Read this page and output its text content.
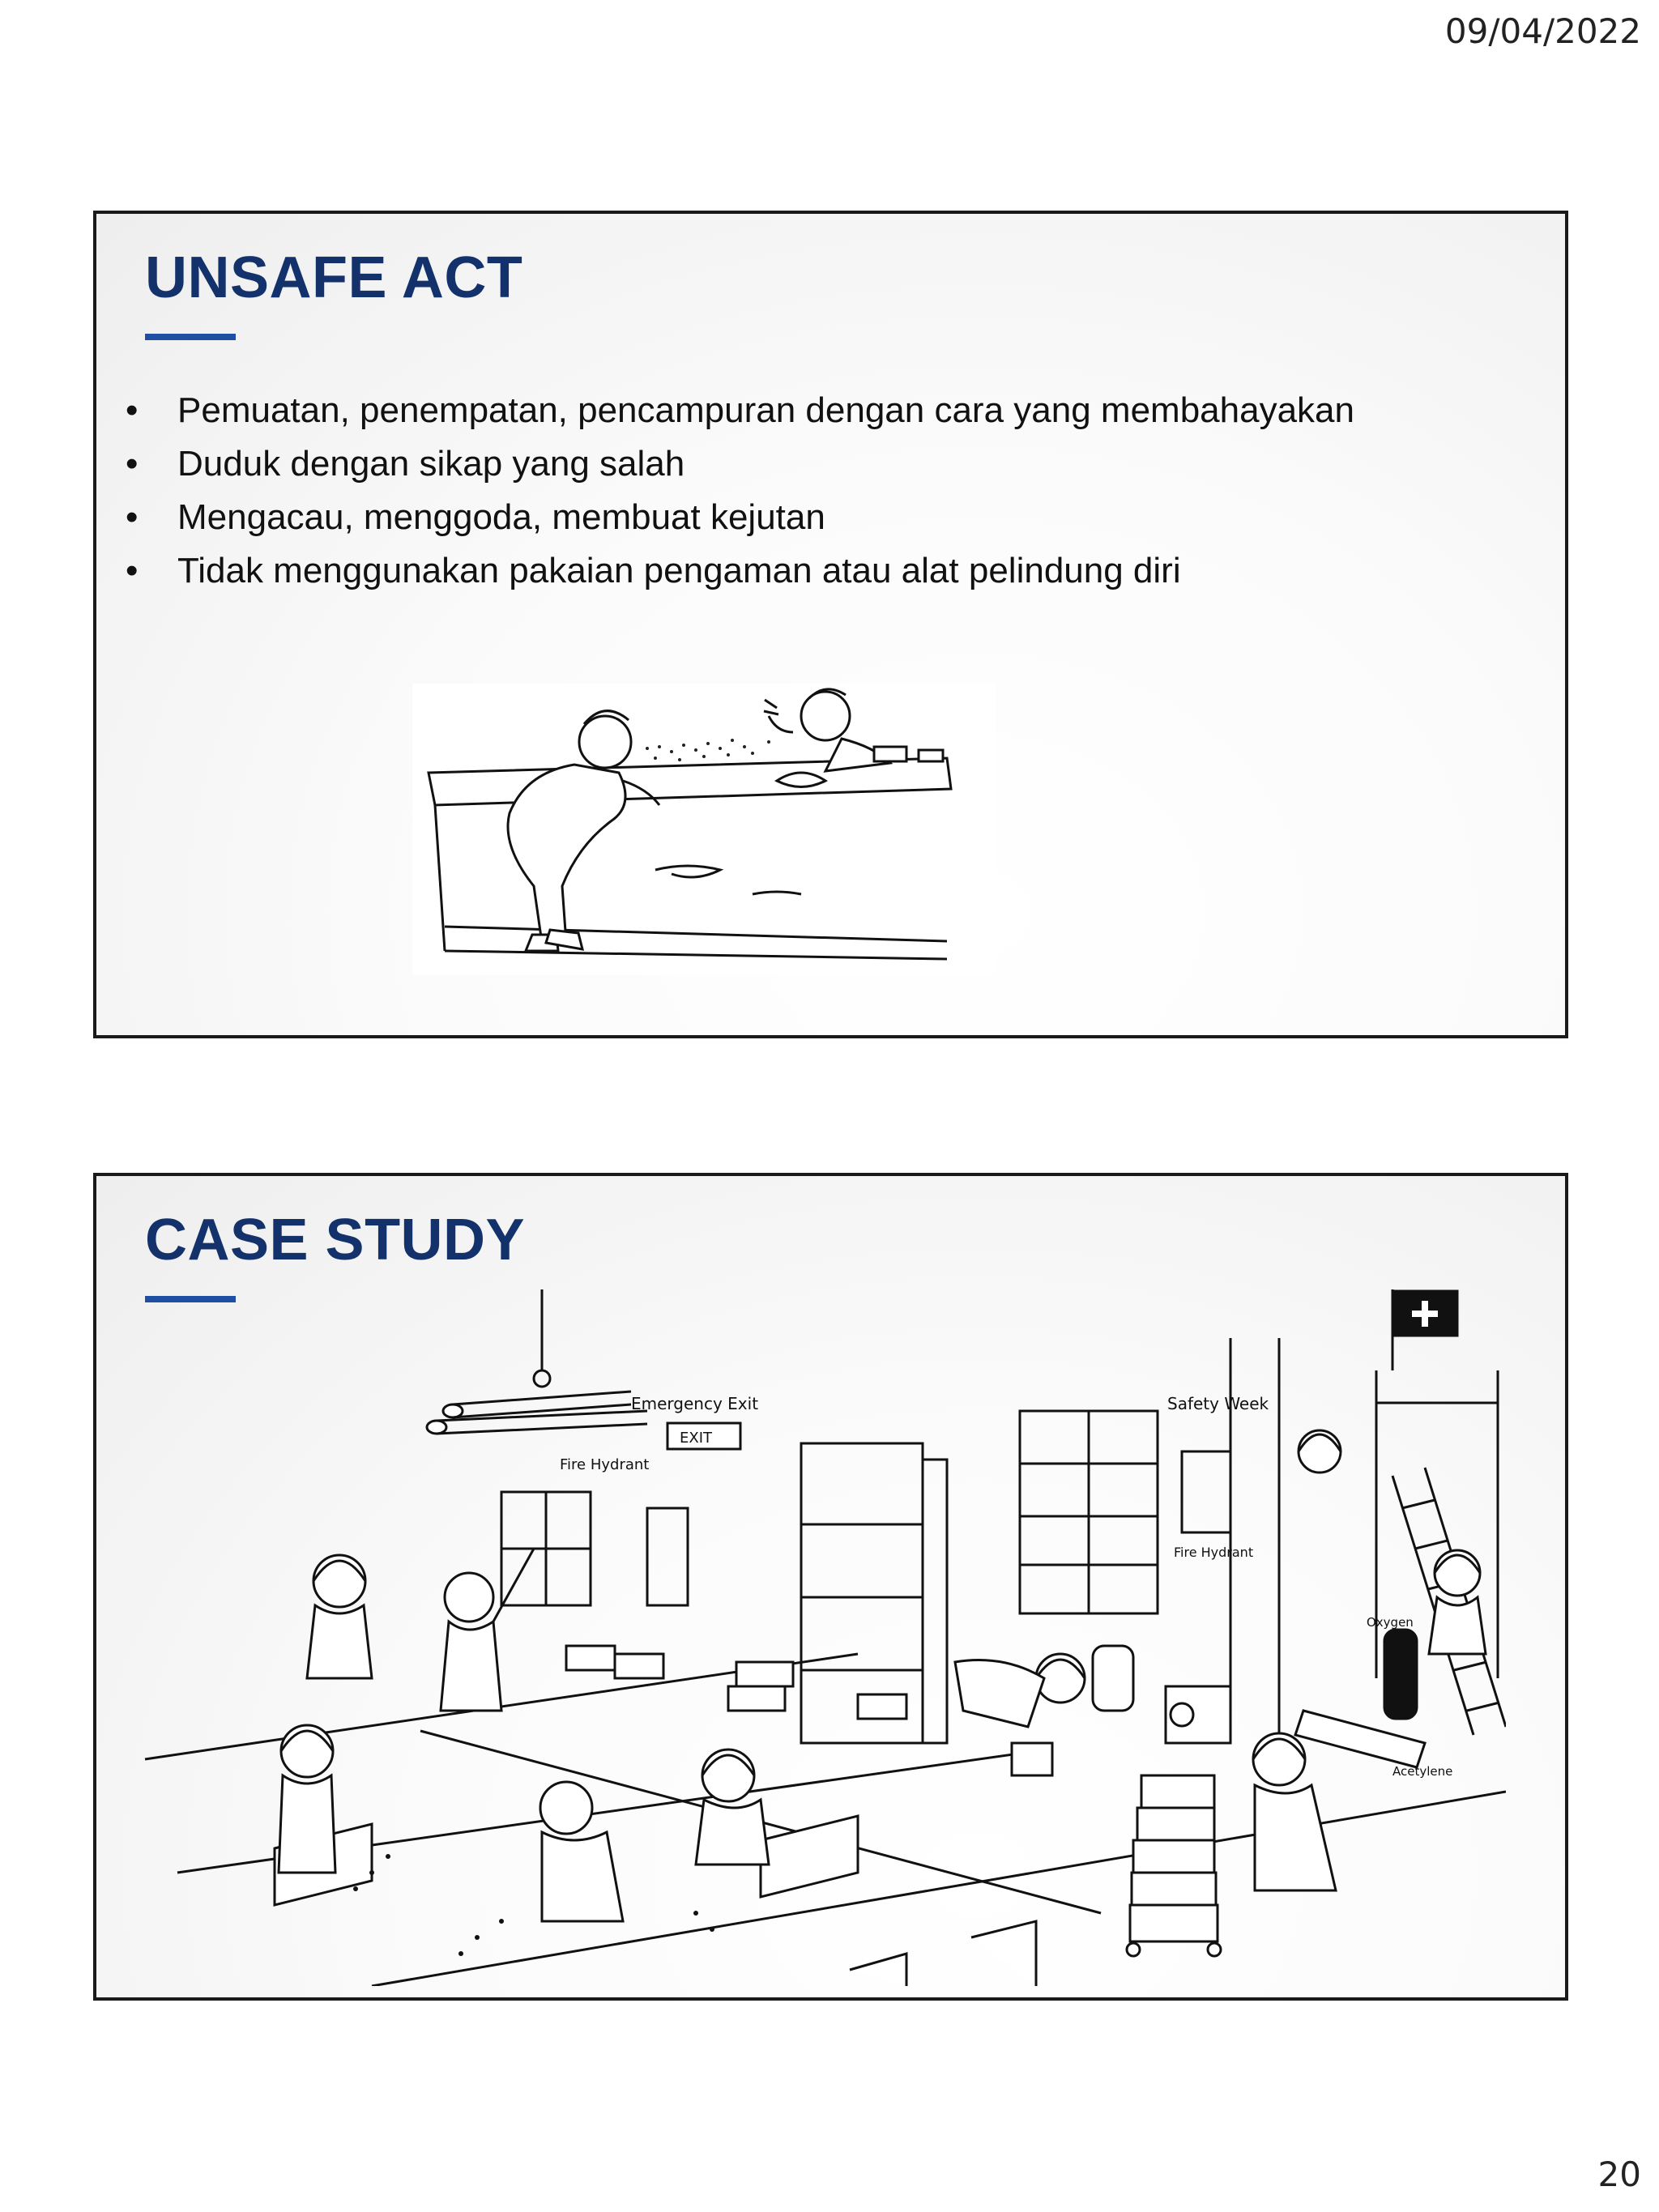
09/04/2022
UNSAFE ACT
• Pemuatan, penempatan, pencampuran dengan cara yang membahayakan
• Duduk dengan sikap yang salah
• Mengacau, menggoda, membuat kejutan
• Tidak menggunakan pakaian pengaman atau alat pelindung diri
CASE STUDY
Emergency Exit
EXIT
Fire Hydrant
Safety Week
Fire Hydrant
Oxygen
Acetylene
20
